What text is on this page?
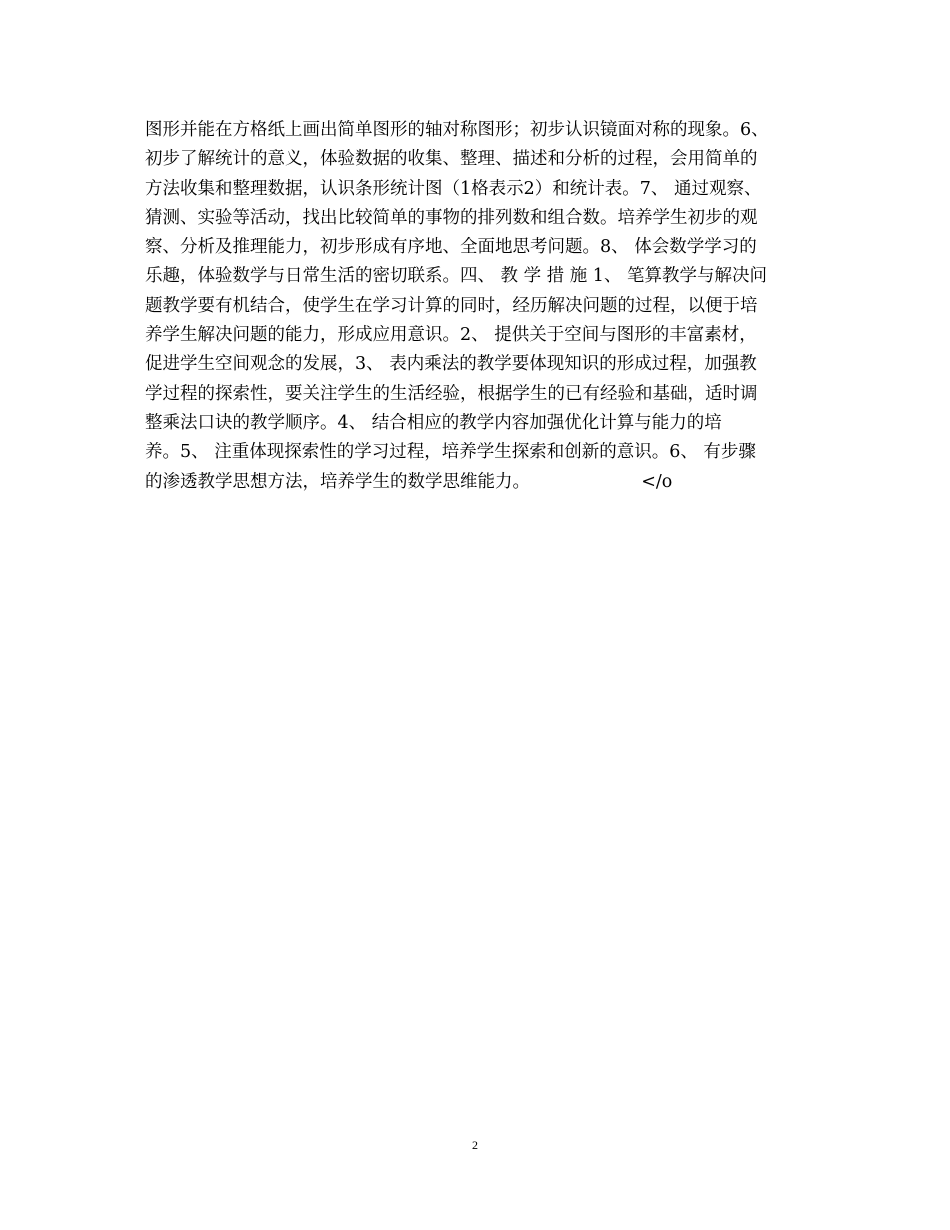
图形并能在方格纸上画出简单图形的轴对称图形；初步认识镜面对称的现象。6、
初步了解统计的意义，体验数据的收集、整理、描述和分析的过程，会用简单的
方法收集和整理数据，认识条形统计图（1格表示2）和统计表。7、 通过观察、
猜测、实验等活动，找出比较简单的事物的排列数和组合数。培养学生初步的观
察、分析及推理能力，初步形成有序地、全面地思考问题。8、 体会数学学习的
乐趣，体验数学与日常生活的密切联系。四、 教 学 措 施 1、 笔算教学与解决问
题教学要有机结合，使学生在学习计算的同时，经历解决问题的过程，以便于培
养学生解决问题的能力，形成应用意识。2、 提供关于空间与图形的丰富素材，
促进学生空间观念的发展，3、 表内乘法的教学要体现知识的形成过程，加强教
学过程的探索性，要关注学生的生活经验，根据学生的已有经验和基础，适时调
整乘法口诀的教学顺序。4、 结合相应的教学内容加强优化计算与能力的培
养。5、 注重体现探索性的学习过程，培养学生探索和创新的意识。6、 有步骤
的渗透教学思想方法，培养学生的数学思维能力。                    </o
2
